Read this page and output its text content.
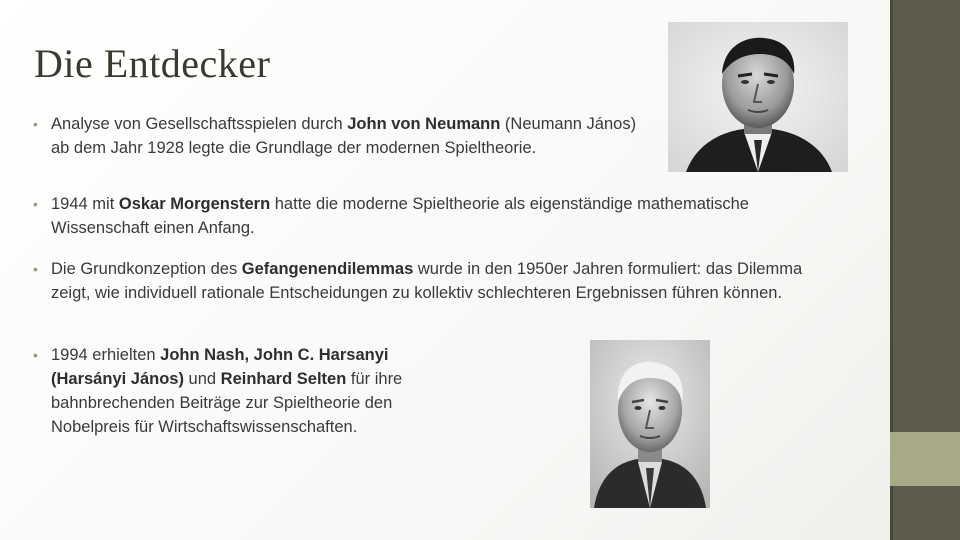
Die Entdecker
• Analyse von Gesellschaftsspielen durch John von Neumann (Neumann János) ab dem Jahr 1928 legte die Grundlage der modernen Spieltheorie.
• 1944 mit Oskar Morgenstern hatte die moderne Spieltheorie als eigenständige mathematische Wissenschaft einen Anfang.
• Die Grundkonzeption des Gefangenendilemmas wurde in den 1950er Jahren formuliert: das Dilemma zeigt, wie individuell rationale Entscheidungen zu kollektiv schlechteren Ergebnissen führen können.
• 1994 erhielten John Nash, John C. Harsanyi (Harsányi János) und Reinhard Selten für ihre bahnbrechenden Beiträge zur Spieltheorie den Nobelpreis für Wirtschaftswissenschaften.
